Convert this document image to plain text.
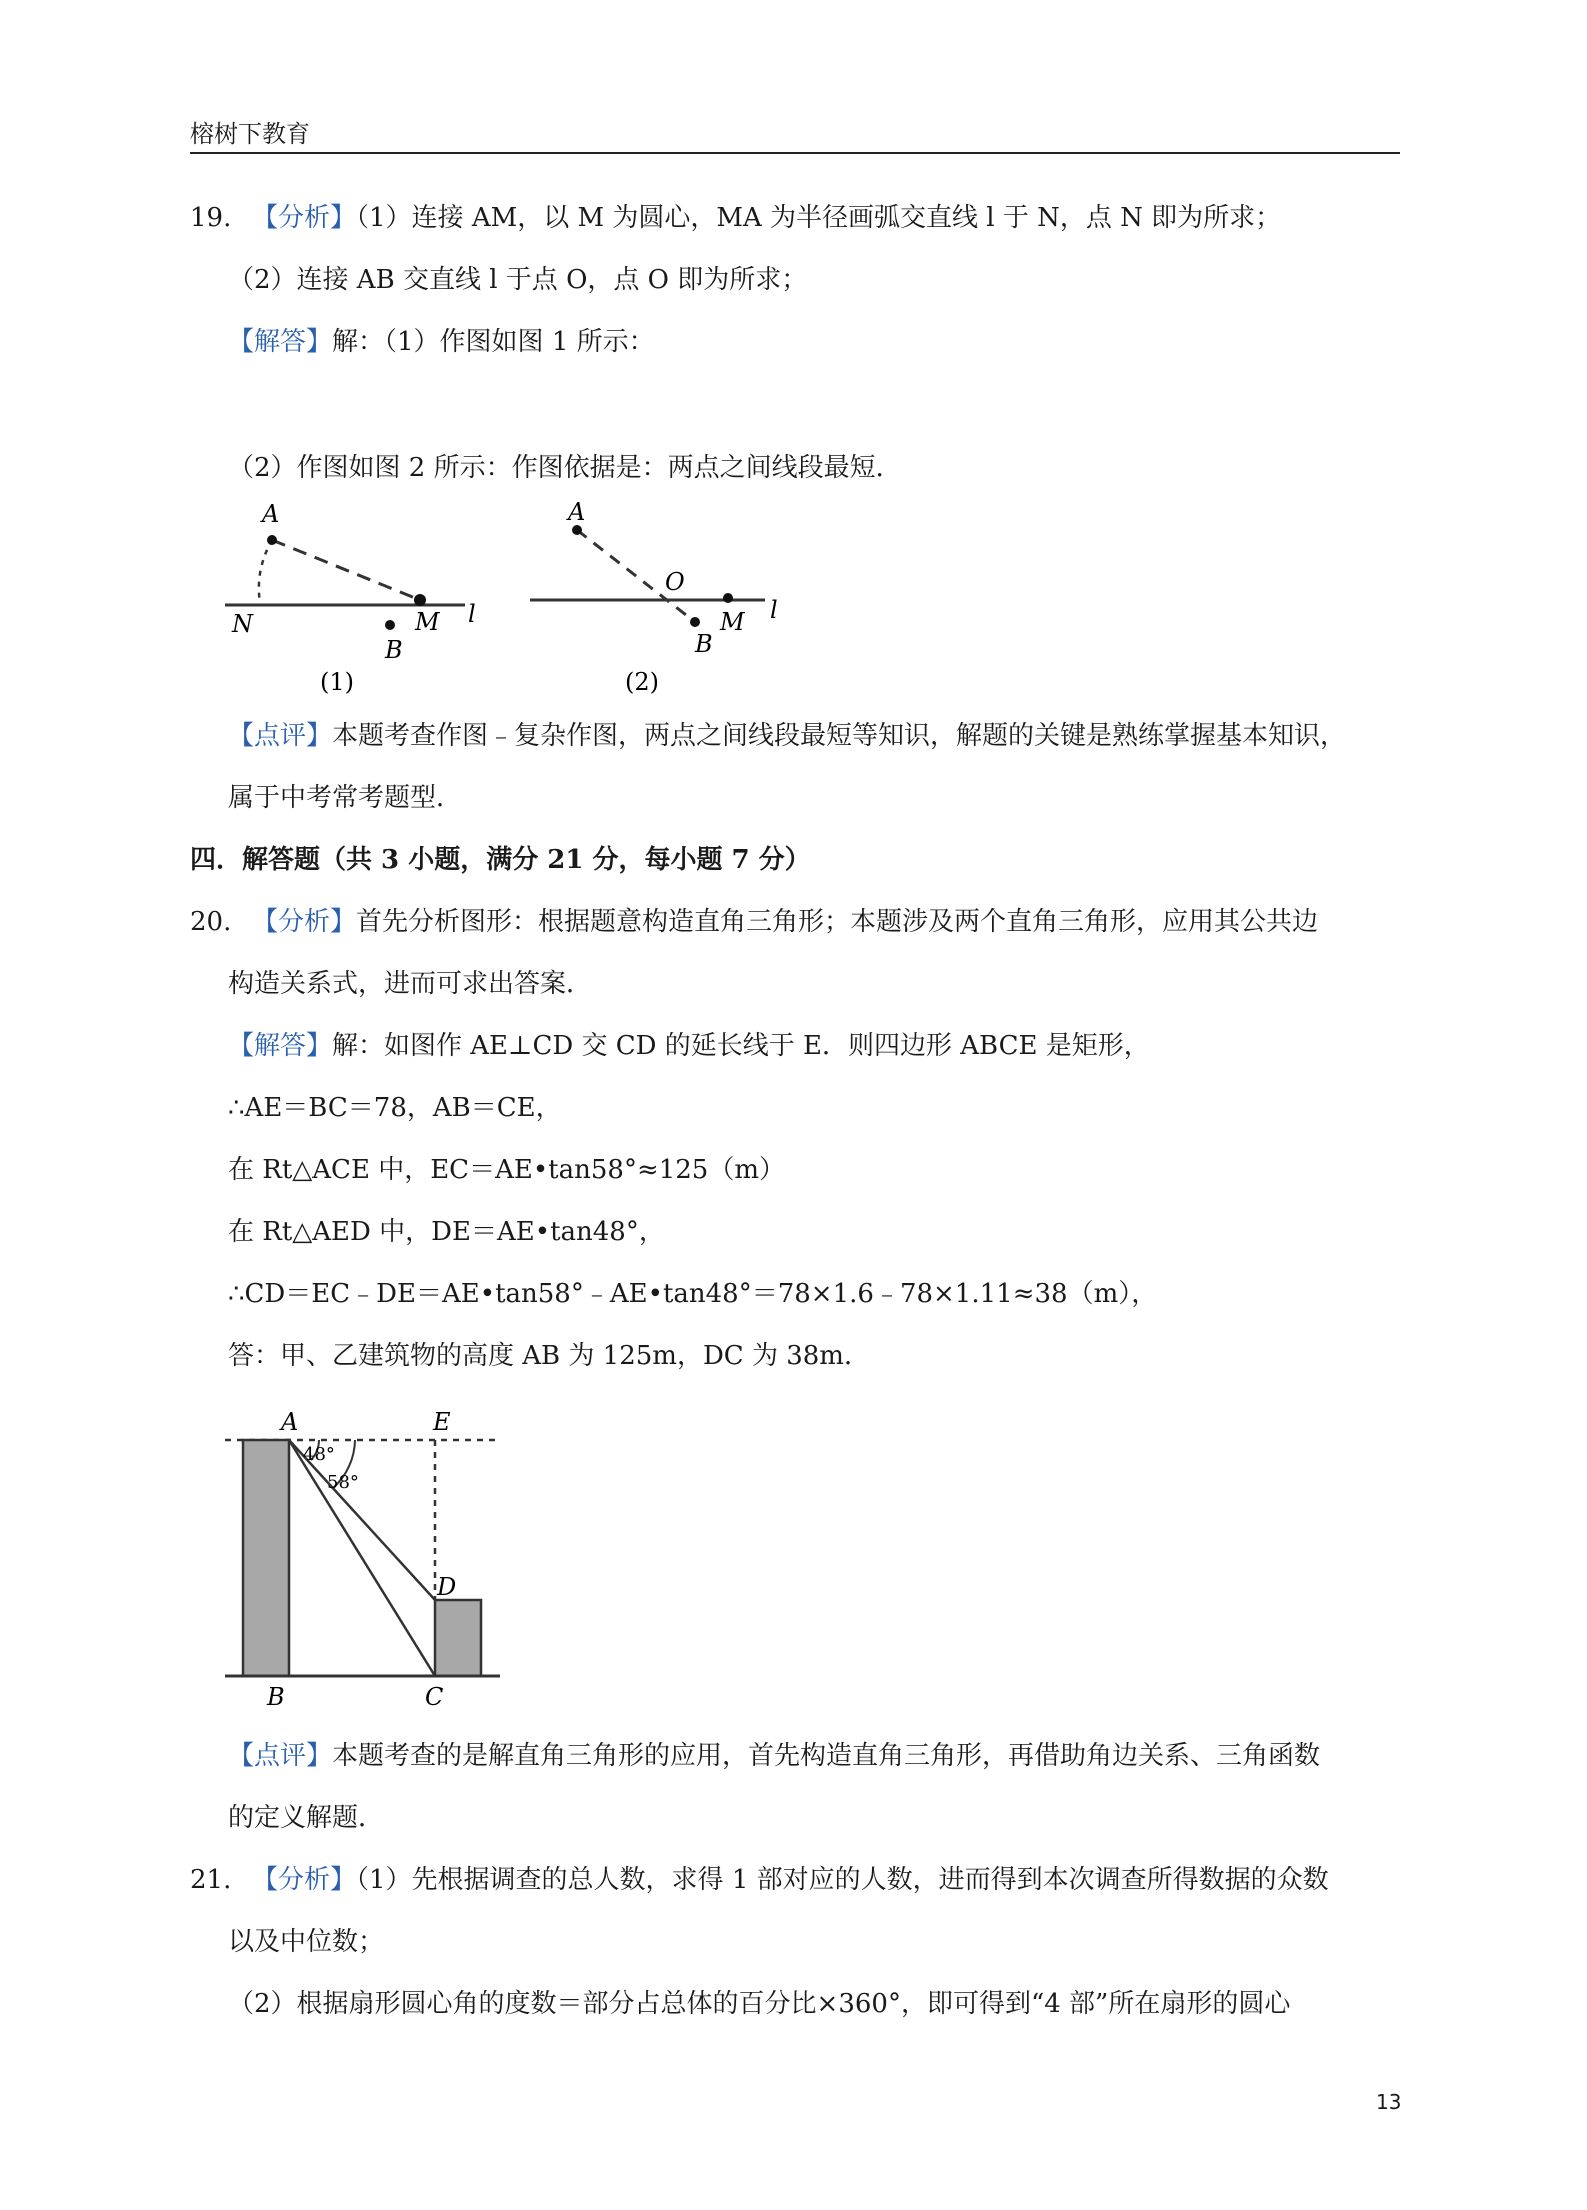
榕树下教育
19. 【分析】（1）连接 AM，以 M 为圆心，MA 为半径画弧交直线 l 于 N，点 N 即为所求；
（2）连接 AB 交直线 l 于点 O，点 O 即为所求；
【解答】解：（1）作图如图 1 所示：
（2）作图如图 2 所示：作图依据是：两点之间线段最短．
A
N	M
B
l
(1)
A
O
M
B
l
(2)
【点评】本题考查作图﹣复杂作图，两点之间线段最短等知识，解题的关键是熟练掌握基本知识，
属于中考常考题型．
四．解答题（共 3 小题，满分 21 分，每小题 7 分）
20. 【分析】首先分析图形：根据题意构造直角三角形；本题涉及两个直角三角形，应用其公共边
构造关系式，进而可求出答案．
【解答】解：如图作 AE⊥CD 交 CD 的延长线于 E．则四边形 ABCE 是矩形，
∴AE＝BC＝78，AB＝CE，
在 Rt△ACE 中，EC＝AE•tan58°≈125（m）
在 Rt△AED 中，DE＝AE•tan48°，
∴CD＝EC﹣DE＝AE•tan58°﹣AE•tan48°＝78×1.6﹣78×1.11≈38（m），
答：甲、乙建筑物的高度 AB 为 125m，DC 为 38m．
A	E
D
B	C
48°
58°
【点评】本题考查的是解直角三角形的应用，首先构造直角三角形，再借助角边关系、三角函数
的定义解题．
21. 【分析】（1）先根据调查的总人数，求得 1 部对应的人数，进而得到本次调查所得数据的众数
以及中位数；
（2）根据扇形圆心角的度数＝部分占总体的百分比×360°，即可得到“4 部”所在扇形的圆心
13
